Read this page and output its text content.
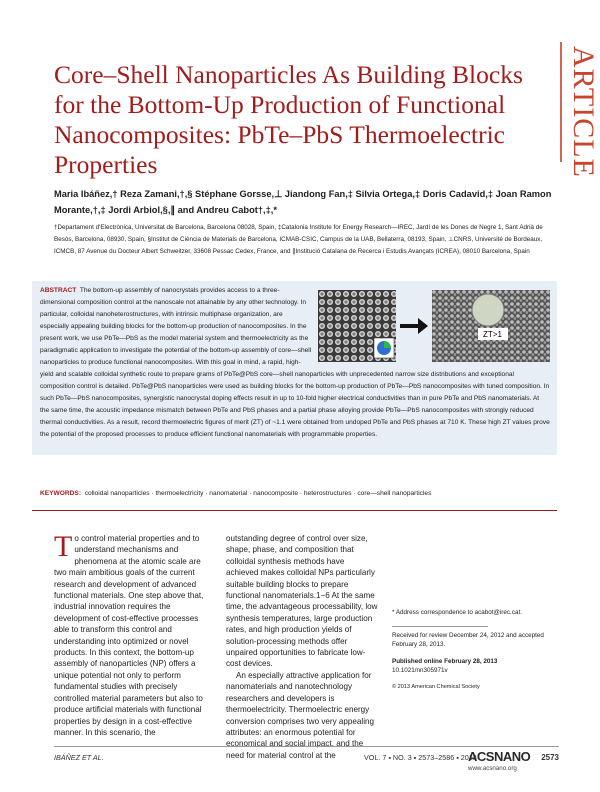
ARTICLE
Core–Shell Nanoparticles As Building Blocks for the Bottom-Up Production of Functional Nanocomposites: PbTe–PbS Thermoelectric Properties
Maria Ibáñez,† Reza Zamani,†,§ Stéphane Gorsse,⊥ Jiandong Fan,‡ Silvia Ortega,‡ Doris Cadavid,‡ Joan Ramon Morante,†,‡ Jordi Arbiol,§,∥ and Andreu Cabot†,‡,*
†Departament d'Electrònica, Universitat de Barcelona, Barcelona 08028, Spain, ‡Catalonia Institute for Energy Research—IREC, Jardí de les Dones de Negre 1, Sant Adrià de Besòs, Barcelona, 08930, Spain, §Institut de Ciència de Materials de Barcelona, ICMAB-CSIC, Campus de la UAB, Bellaterra, 08193, Spain, ⊥CNRS, Université de Bordeaux, ICMCB, 87 Avenue du Docteur Albert Schweitzer, 33608 Pessac Cedex, France, and ∥Institució Catalana de Recerca i Estudis Avançats (ICREA), 08010 Barcelona, Spain
ZT>1
ABSTRACT The bottom-up assembly of nanocrystals provides access to a three-dimensional composition control at the nanoscale not attainable by any other technology. In particular, colloidal nanoheterostructures, with intrinsic multiphase organization, are especially appealing building blocks for the bottom-up production of nanocomposites. In the present work, we use PbTe—PbS as the model material system and thermoelectricity as the paradigmatic application to investigate the potential of the bottom-up assembly of core—shell nanoparticles to produce functional nanocomposites. With this goal in mind, a rapid, high-yield and scalable colloidal synthetic route to prepare grams of PbTe@PbS core—shell nanoparticles with unprecedented narrow size distributions and exceptional composition control is detailed. PbTe@PbS nanoparticles were used as building blocks for the bottom-up production of PbTe—PbS nanocomposites with tuned composition. In such PbTe—PbS nanocomposites, synergistic nanocrystal doping effects result in up to 10-fold higher electrical conductivities than in pure PbTe and PbS nanomaterials. At the same time, the acoustic impedance mismatch between PbTe and PbS phases and a partial phase alloying provide PbTe—PbS nanocomposites with strongly reduced thermal conductivities. As a result, record thermoelectric figures of merit (ZT) of ~1.1 were obtained from undoped PbTe and PbS phases at 710 K. These high ZT values prove the potential of the proposed processes to produce efficient functional nanomaterials with programmable properties.
KEYWORDS: colloidal nanoparticles · thermoelectricity · nanomaterial · nanocomposite · heterostructures · core—shell nanoparticles
T o control material properties and to understand mechanisms and phenomena at the atomic scale are two main ambitious goals of the current research and development of advanced functional materials. One step above that, industrial innovation requires the development of cost-effective processes able to transform this control and understanding into optimized or novel products. In this context, the bottom-up assembly of nanoparticles (NP) offers a unique potential not only to perform fundamental studies with precisely controlled material parameters but also to produce artificial materials with functional properties by design in a cost-effective manner. In this scenario, the
outstanding degree of control over size, shape, phase, and composition that colloidal synthesis methods have achieved makes colloidal NPs particularly suitable building blocks to prepare functional nanomaterials.1−6 At the same time, the advantageous processability, low synthesis temperatures, large production rates, and high production yields of solution-processing methods offer unpaired opportunities to fabricate low-cost devices.
An especially attractive application for nanomaterials and nanotechnology researchers and developers is thermoelectricity. Thermoelectric energy conversion comprises two very appealing attributes: an enormous potential for economical and social impact, and the need for material control at the
* Address correspondence to acabot@irec.cat.
Received for review December 24, 2012 and accepted February 28, 2013.
Published online February 28, 2013
10.1021/nn305971v
© 2013 American Chemical Society
IBÁÑEZ ET AL.	VOL. 7 ▪ NO. 3 ▪ 2573–2586 ▪ 2013
ACSNANO 2573
www.acsnano.org
